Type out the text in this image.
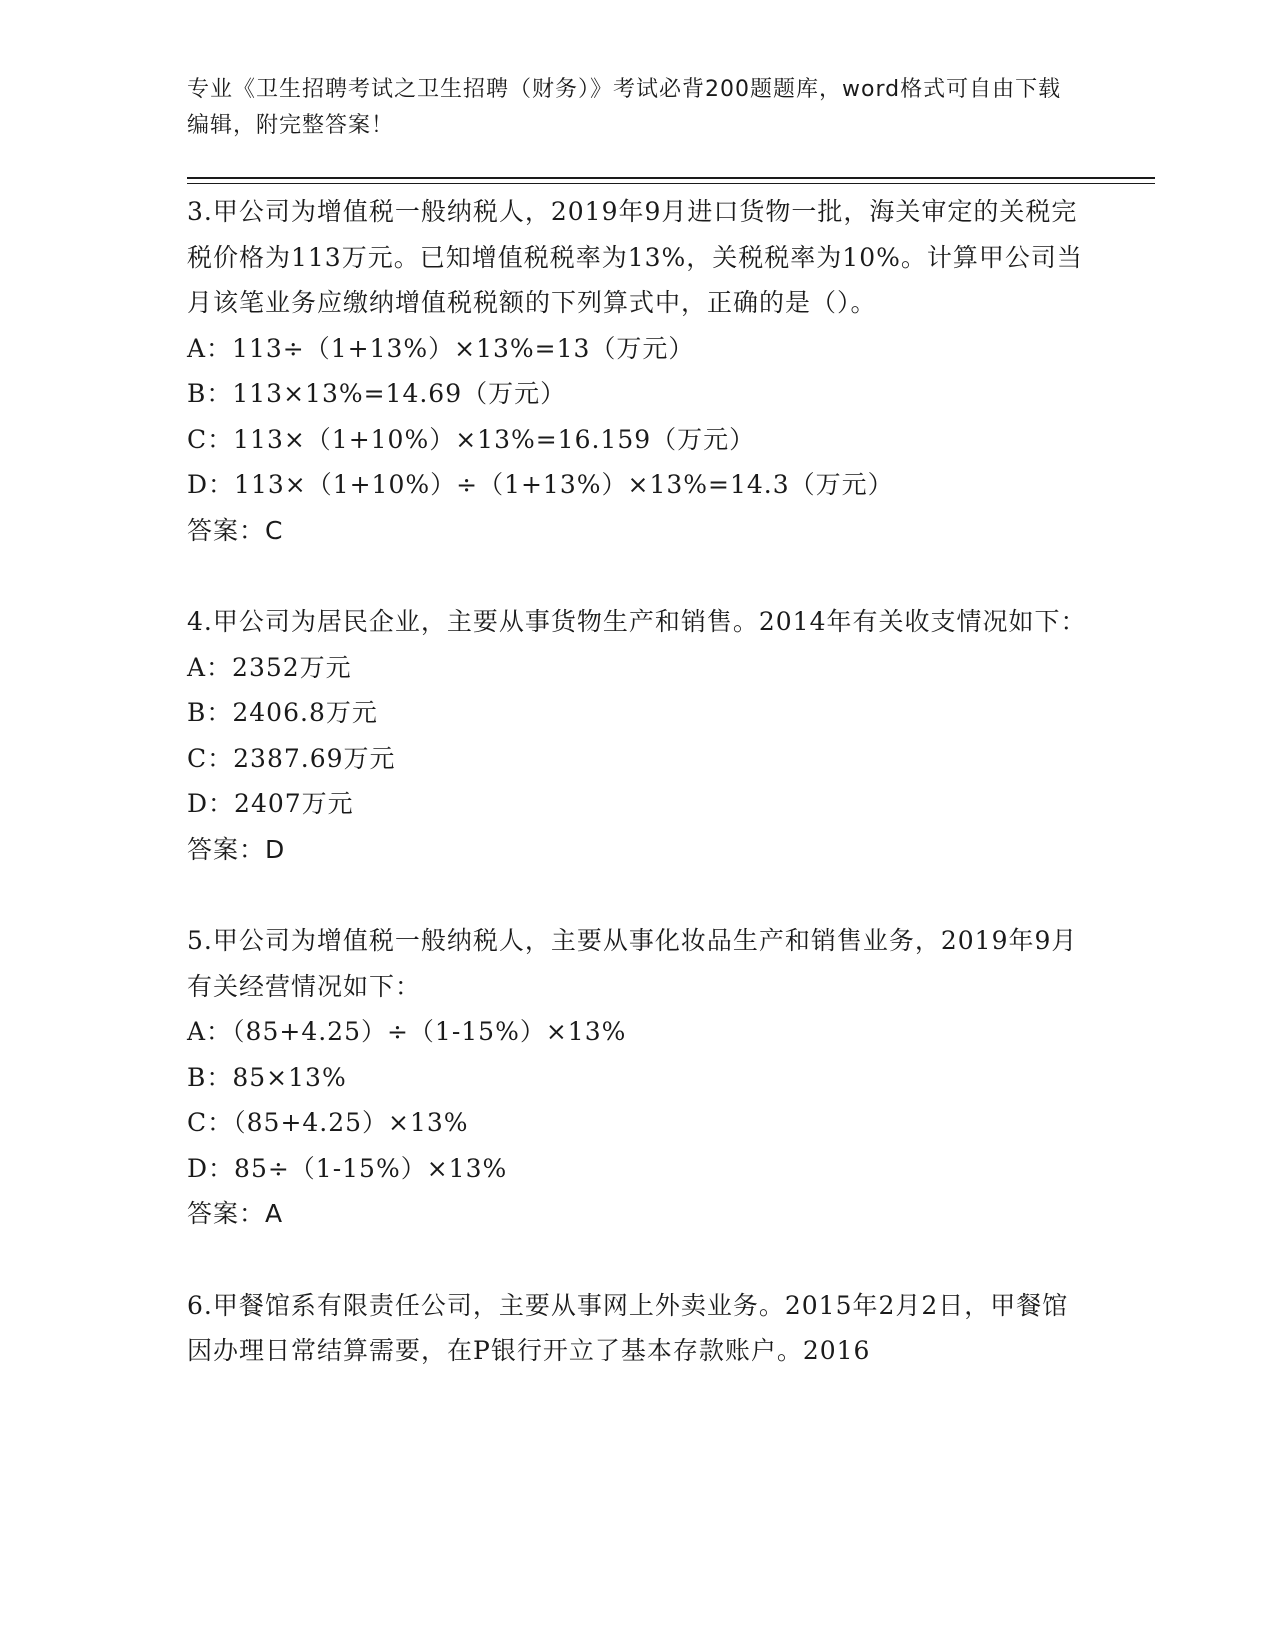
专业《卫生招聘考试之卫生招聘（财务）》考试必背200题题库，word格式可自由下载编辑，附完整答案！

3.甲公司为增值税一般纳税人，2019年9月进口货物一批，海关审定的关税完税价格为113万元。已知增值税税率为13%，关税税率为10%。计算甲公司当月该笔业务应缴纳增值税税额的下列算式中，正确的是（）。

A：113÷（1+13%）×13%=13（万元）

B：113×13%=14.69（万元）

C：113×（1+10%）×13%=16.159（万元）

D：113×（1+10%）÷（1+13%）×13%=14.3（万元）

答案：C

4.甲公司为居民企业，主要从事货物生产和销售。2014年有关收支情况如下：

A：2352万元

B：2406.8万元

C：2387.69万元

D：2407万元

答案：D

5.甲公司为增值税一般纳税人，主要从事化妆品生产和销售业务，2019年9月有关经营情况如下：

A：（85+4.25）÷（1-15%）×13%

B：85×13%

C：（85+4.25）×13%

D：85÷（1-15%）×13%

答案：A

6.甲餐馆系有限责任公司，主要从事网上外卖业务。2015年2月2日，甲餐馆因办理日常结算需要，在P银行开立了基本存款账户。2016
